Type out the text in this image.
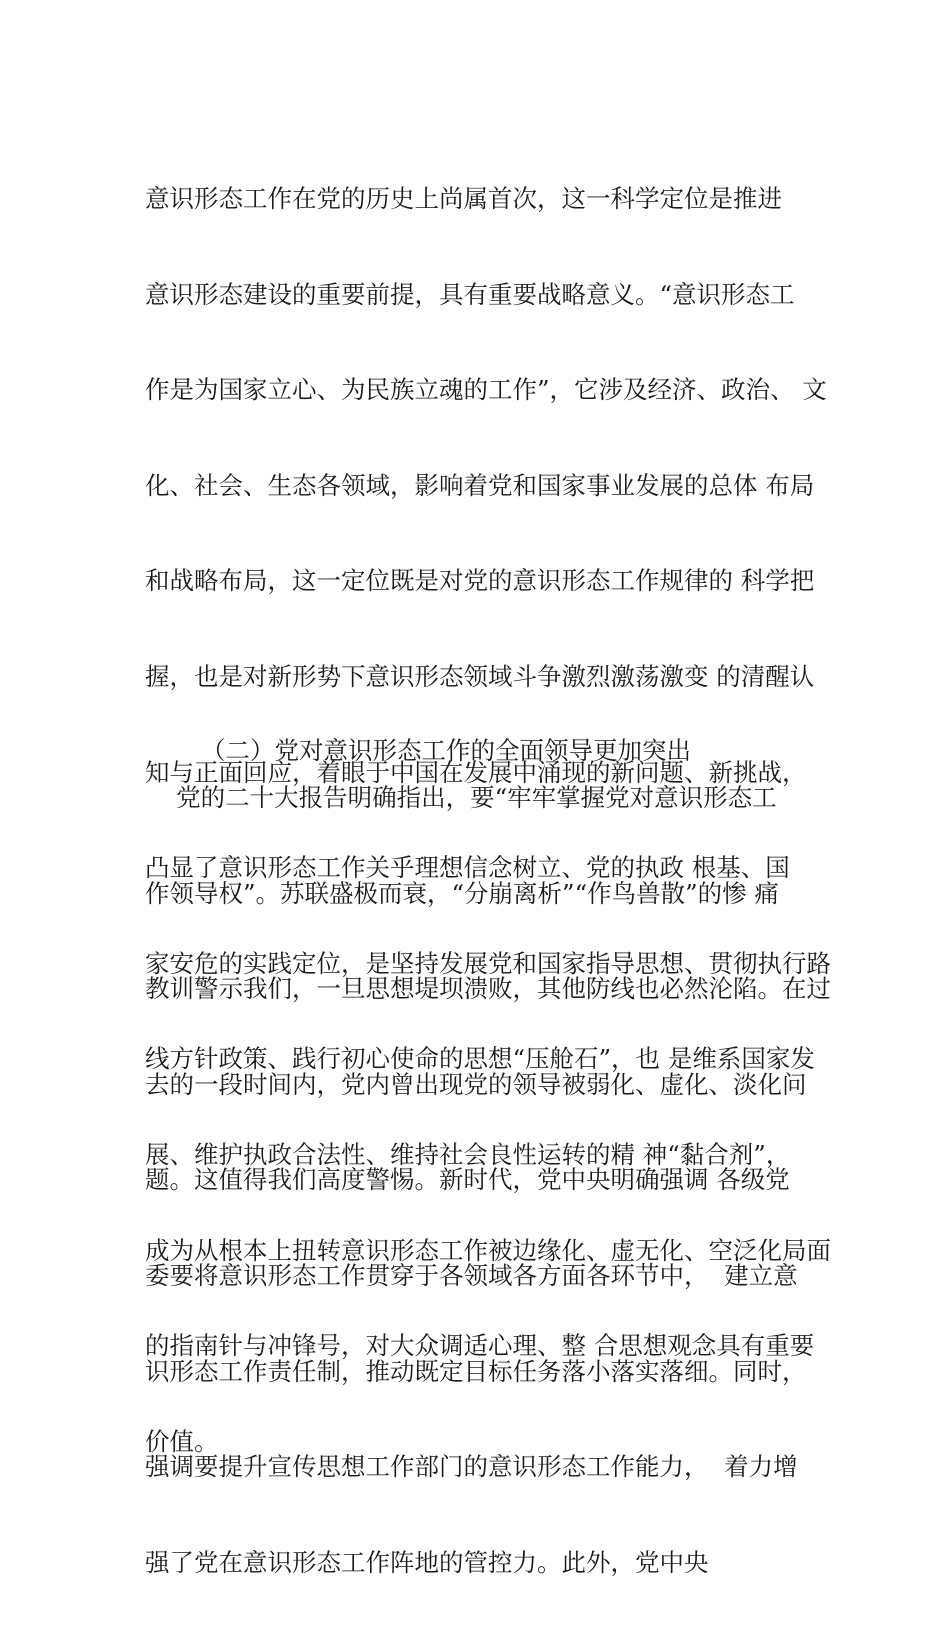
意识形态工作在党的历史上尚属首次，这一科学定位是推进

意识形态建设的重要前提，具有重要战略意义。“意识形态工

作是为国家立心、为民族立魂的工作”，它涉及经济、政治、 文

化、社会、生态各领域，影响着党和国家事业发展的总体 布局

和战略布局，这一定位既是对党的意识形态工作规律的 科学把

握，也是对新形势下意识形态领域斗争激烈激荡激变 的清醒认

知与正面回应，着眼于中国在发展中涌现的新问题、新挑战，

凸显了意识形态工作关乎理想信念树立、党的执政 根基、国

家安危的实践定位，是坚持发展党和国家指导思想、贯彻执行路

线方针政策、践行初心使命的思想“压舱石”，也 是维系国家发

展、维护执政合法性、维持社会良性运转的精 神“黏合剂”，

成为从根本上扭转意识形态工作被边缘化、虚无化、空泛化局面

的指南针与冲锋号，对大众调适心理、整 合思想观念具有重要

价值。

（二）党对意识形态工作的全面领导更加突出

党的二十大报告明确指出，要“牢牢掌握党对意识形态工

作领导权”。苏联盛极而衰，“分崩离析”“作鸟兽散”的惨 痛

教训警示我们，一旦思想堤坝溃败，其他防线也必然沦陷。在过

去的一段时间内，党内曾出现党的领导被弱化、虚化、淡化问

题。这值得我们高度警惕。新时代，党中央明确强调 各级党

委要将意识形态工作贯穿于各领域各方面各环节中，  建立意

识形态工作责任制，推动既定目标任务落小落实落细。同时，

强调要提升宣传思想工作部门的意识形态工作能力，  着力增

强了党在意识形态工作阵地的管控力。此外，党中央
